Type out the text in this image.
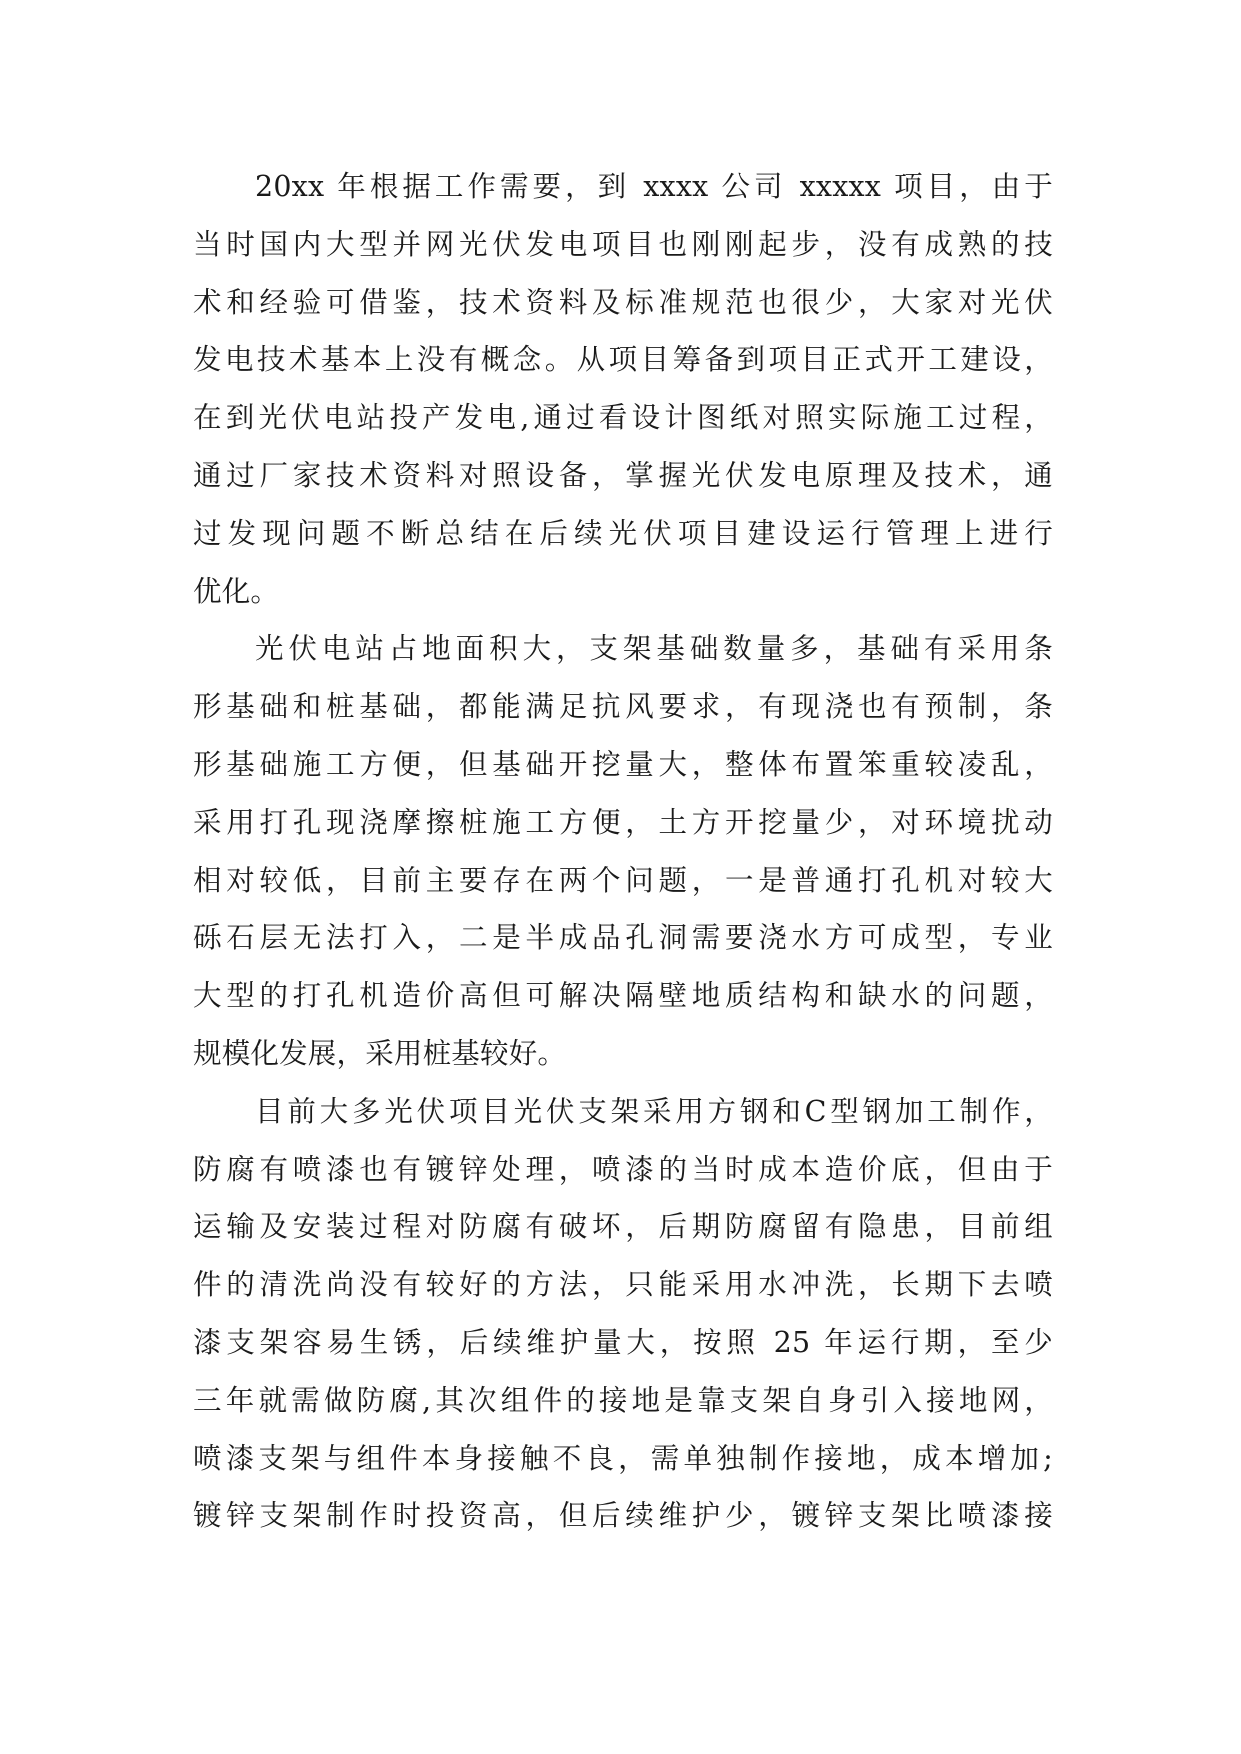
20xx 年根据工作需要，到 xxxx 公司 xxxxx 项目，由于
当时国内大型并网光伏发电项目也刚刚起步，没有成熟的技
术和经验可借鉴，技术资料及标准规范也很少，大家对光伏
发电技术基本上没有概念。从项目筹备到项目正式开工建设，
在到光伏电站投产发电,通过看设计图纸对照实际施工过程，
通过厂家技术资料对照设备，掌握光伏发电原理及技术，通
过发现问题不断总结在后续光伏项目建设运行管理上进行
优化。
光伏电站占地面积大，支架基础数量多，基础有采用条
形基础和桩基础，都能满足抗风要求，有现浇也有预制，条
形基础施工方便，但基础开挖量大，整体布置笨重较凌乱，
采用打孔现浇摩擦桩施工方便，土方开挖量少，对环境扰动
相对较低，目前主要存在两个问题，一是普通打孔机对较大
砾石层无法打入，二是半成品孔洞需要浇水方可成型，专业
大型的打孔机造价高但可解决隔壁地质结构和缺水的问题，
规模化发展，采用桩基较好。
目前大多光伏项目光伏支架采用方钢和C型钢加工制作，
防腐有喷漆也有镀锌处理，喷漆的当时成本造价底，但由于
运输及安装过程对防腐有破坏，后期防腐留有隐患，目前组
件的清洗尚没有较好的方法，只能采用水冲洗，长期下去喷
漆支架容易生锈，后续维护量大，按照 25 年运行期，至少
三年就需做防腐,其次组件的接地是靠支架自身引入接地网，
喷漆支架与组件本身接触不良，需单独制作接地，成本增加;
镀锌支架制作时投资高，但后续维护少，镀锌支架比喷漆接
